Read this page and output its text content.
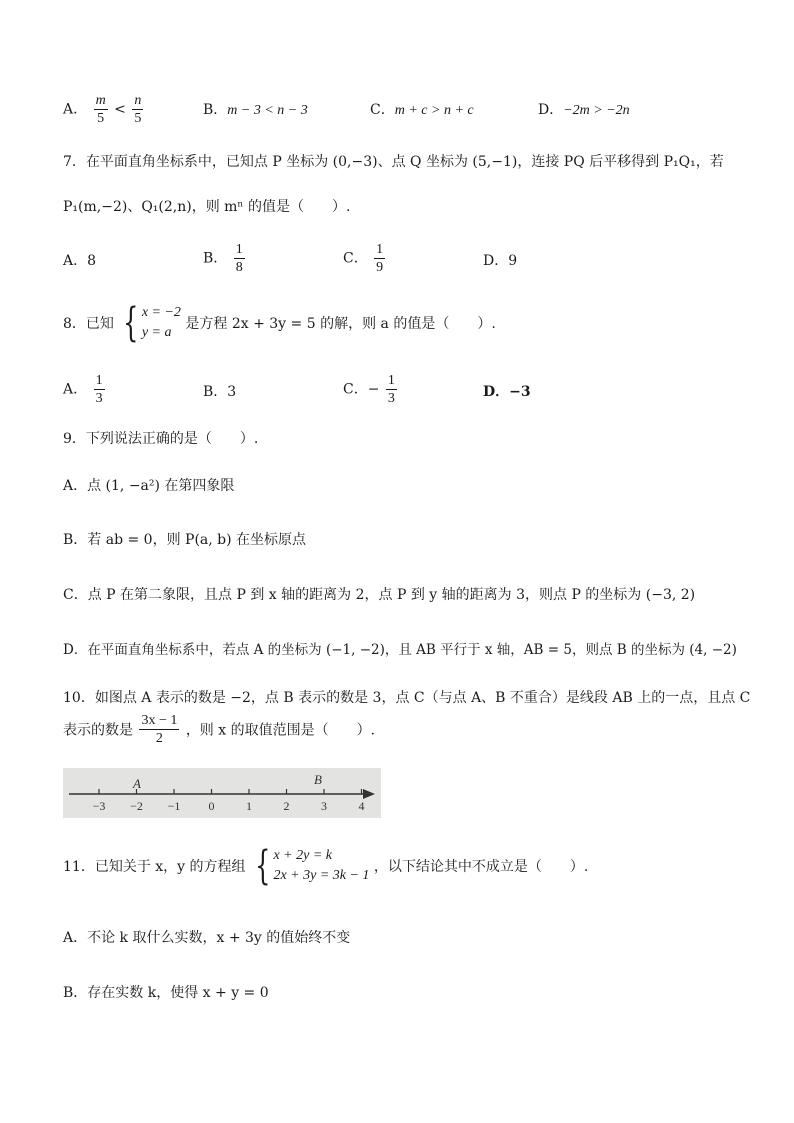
A． $\frac{m}{5} < \frac{n}{5}$	B．m − 3 < n − 3	C．m + c > n + c	D．−2m > −2n
7．在平面直角坐标系中，已知点 P 坐标为 (0,−3)、点 Q 坐标为 (5,−1)，连接 PQ 后平移得到 P₁Q₁，若
P₁(m,−2)、Q₁(2,n)，则 mⁿ 的值是（　　）.
A．8	B． $\frac{1}{8}$	C． $\frac{1}{9}$	D．9
8．已知 { x = −2
y = a
是方程 2x + 3y = 5 的解，则 a 的值是（　　）.
A． $\frac{1}{3}$	B．3	C．− $\frac{1}{3}$	D．−3
9．下列说法正确的是（　　）.
A．点 (1, −a²) 在第四象限
B．若 ab = 0，则 P(a, b) 在坐标原点
C．点 P 在第二象限，且点 P 到 x 轴的距离为 2，点 P 到 y 轴的距离为 3，则点 P 的坐标为 (−3, 2)
D．在平面直角坐标系中，若点 A 的坐标为 (−1, −2)，且 AB 平行于 x 轴，AB = 5，则点 B 的坐标为 (4, −2)
10．如图点 A 表示的数是 −2，点 B 表示的数是 3，点 C（与点 A、B 不重合）是线段 AB 上的一点，且点 C
表示的数是 $\frac{3x - 1}{2}$ ，则 x 的取值范围是（　　）.
−3 −2 −1 0	1	2	3	4
A	B
11．已知关于 x，y 的方程组 { x + 2y = k
2x + 3y = 3k − 1
，以下结论其中不成立是（　　）.
A．不论 k 取什么实数，x + 3y 的值始终不变
B．存在实数 k，使得 x + y = 0
